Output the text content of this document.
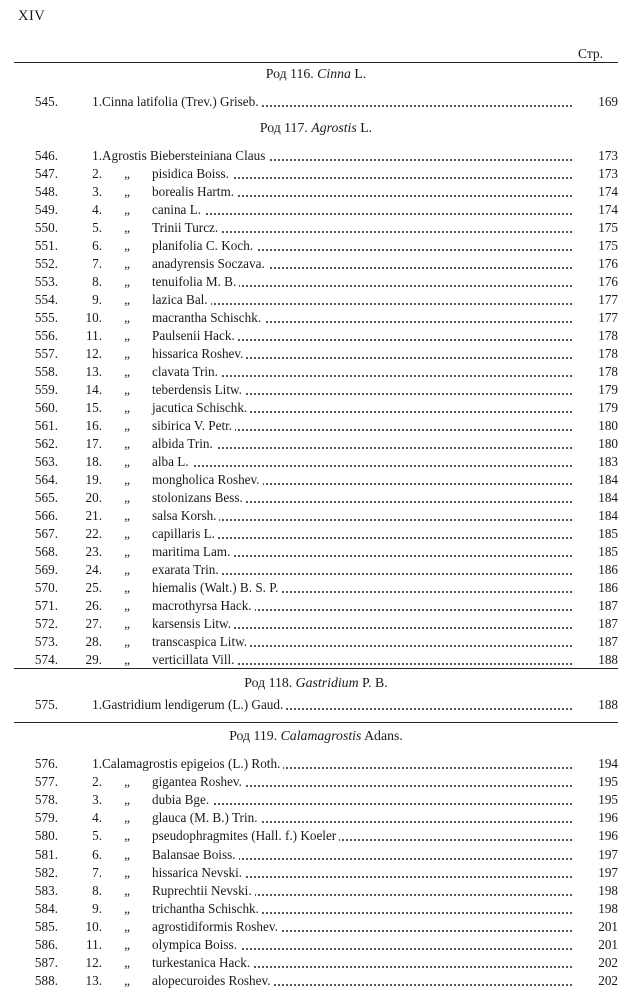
XIV
Стр.
Род 116. Cinna L.
545.	1. Cinna latifolia (Trev.) Griseb.	169
Род 117. Agrostis L.
546.	1. Agrostis Biebersteiniana Claus	173
547.	2.	„	pisidica Boiss.	173
548.	3.	„	borealis Hartm.	174
549.	4.	„	canina L.	174
550.	5.	„	Trinii Turcz.	175
551.	6.	„	planifolia C. Koch.	175
552.	7.	„	anadyrensis Soczava.	176
553.	8.	„	tenuifolia M. B.	176
554.	9.	„	lazica Bal.	177
555.	10.	„	macrantha Schischk.	177
556.	11.	„	Paulsenii Hack.	178
557.	12.	„	hissarica Roshev.	178
558.	13.	„	clavata Trin.	178
559.	14.	„	teberdensis Litw.	179
560.	15.	„	jacutica Schischk.	179
561.	16.	„	sibirica V. Petr.	180
562.	17.	„	albida Trin.	180
563.	18.	„	alba L.	183
564.	19.	„	mongholica Roshev.	184
565.	20.	„	stolonizans Bess.	184
566.	21.	„	salsa Korsh.	184
567.	22.	„	capillaris L.	185
568.	23.	„	maritima Lam.	185
569.	24.	„	exarata Trin.	186
570.	25.	„	hiemalis (Walt.) B. S. P.	186
571.	26.	„	macrothyrsa Hack.	187
572.	27.	„	karsensis Litw.	187
573.	28.	„	transcaspica Litw.	187
574.	29.	„	verticillata Vill.	188
Род 118. Gastridium P. B.
575.	1. Gastridium lendigerum (L.) Gaud.	188
Род 119. Calamagrostis Adans.
576.	1. Calamagrostis epigeios (L.) Roth.	194
577.	2.	„	gigantea Roshev.	195
578.	3.	„	dubia Bge.	195
579.	4.	„	glauca (M. B.) Trin.	196
580.	5.	„	pseudophragmites (Hall. f.) Koeler	196
581.	6.	„	Balansae Boiss.	197
582.	7.	„	hissarica Nevski.	197
583.	8.	„	Ruprechtii Nevski.	198
584.	9.	„	trichantha Schischk.	198
585.	10.	„	agrostidiformis Roshev.	201
586.	11.	„	olympica Boiss.	201
587.	12.	„	turkestanica Hack.	202
588.	13.	„	alopecuroides Roshev.	202
